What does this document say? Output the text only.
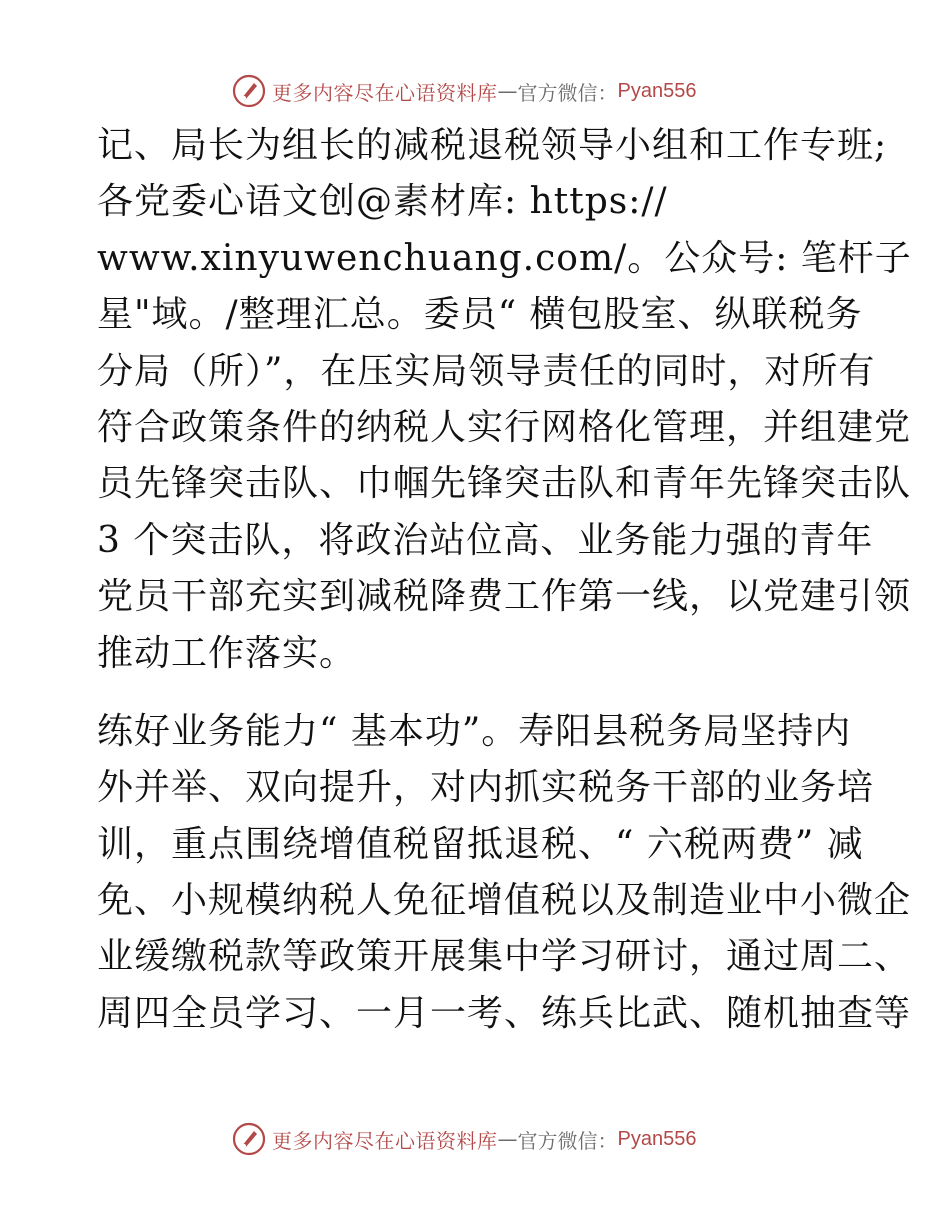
更多内容尽在心语资料库 — 官方微信： Pyan556
记、局长为组长的减税退税领导小组和工作专班;
各党委心语文创@素材库: https://
www.xinyuwenchuang.com/。公众号: 笔杆子
星"域。/整理汇总。委员“ 横包股室、纵联税务
分局（所）”，在压实局领导责任的同时，对所有
符合政策条件的纳税人实行网格化管理，并组建党
员先锋突击队、巾帼先锋突击队和青年先锋突击队
3 个突击队，将政治站位高、业务能力强的青年
党员干部充实到减税降费工作第一线，以党建引领
推动工作落实。
练好业务能力“ 基本功”。寿阳县税务局坚持内
外并举、双向提升，对内抓实税务干部的业务培
训，重点围绕增值税留抵退税、“ 六税两费” 减
免、小规模纳税人免征增值税以及制造业中小微企
业缓缴税款等政策开展集中学习研讨，通过周二、
周四全员学习、一月一考、练兵比武、随机抽查等
更多内容尽在心语资料库 — 官方微信： Pyan556
